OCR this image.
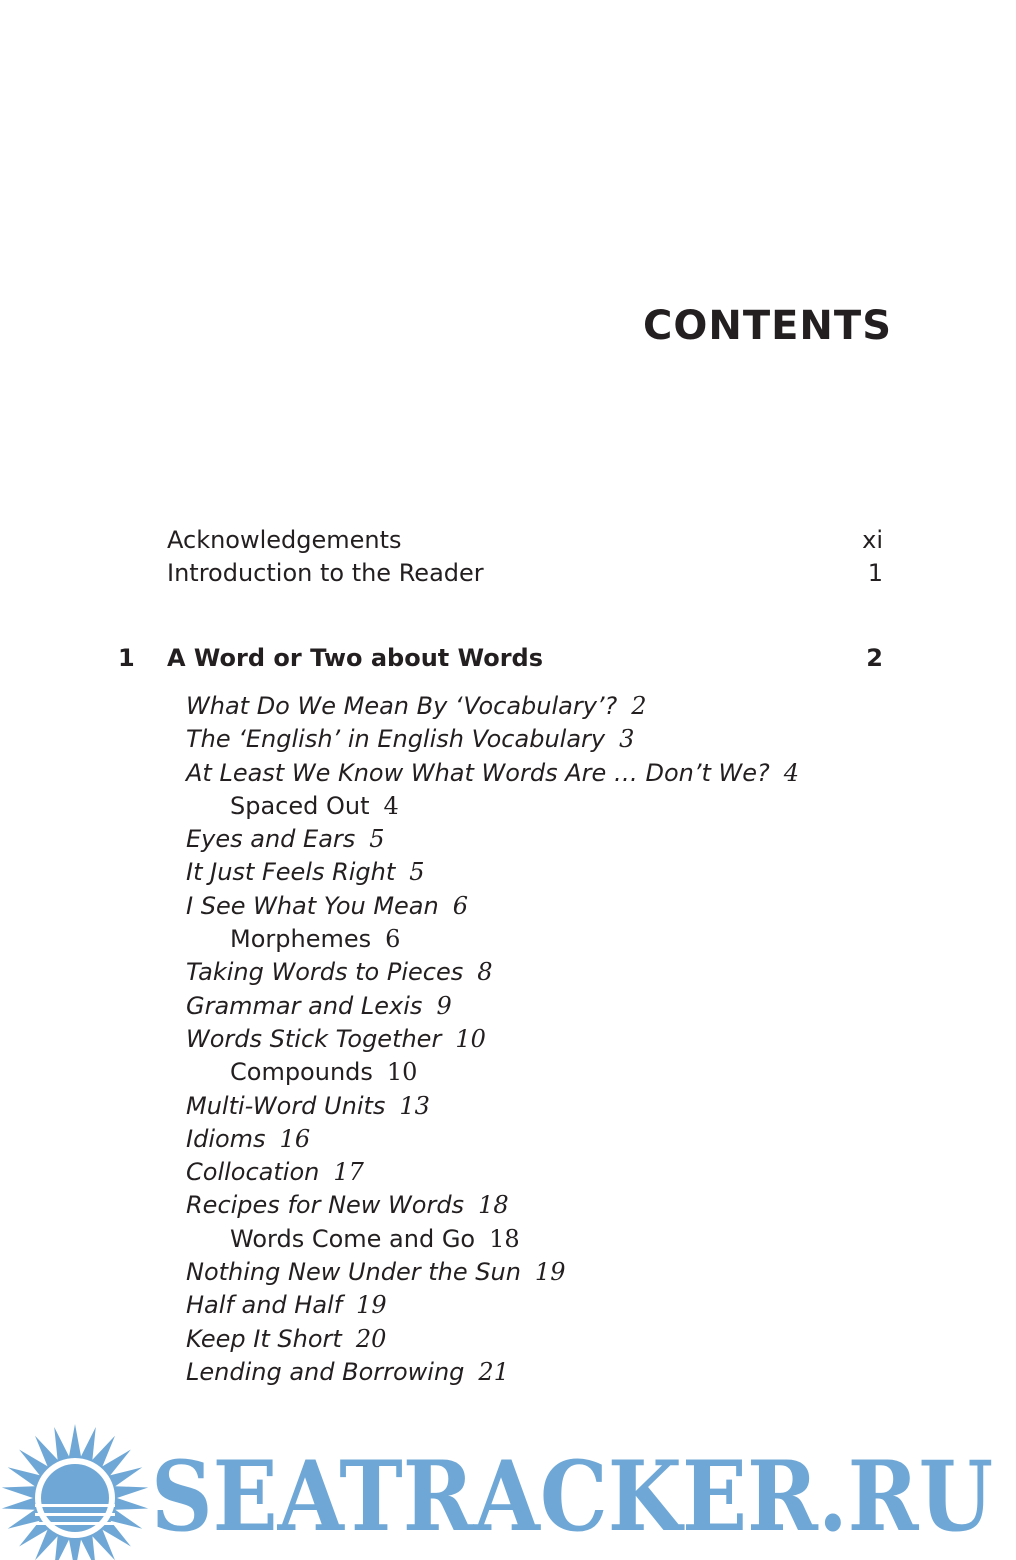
CONTENTS
Acknowledgements	xi
Introduction to the Reader	1
1	A Word or Two about Words	2
What Do We Mean By ‘Vocabulary’? 2
The ‘English’ in English Vocabulary 3
At Least We Know What Words Are … Don’t We? 4
Spaced Out 4
Eyes and Ears 5
It Just Feels Right 5
I See What You Mean 6
Morphemes 6
Taking Words to Pieces 8
Grammar and Lexis 9
Words Stick Together 10
Compounds 10
Multi-Word Units 13
Idioms 16
Collocation 17
Recipes for New Words 18
Words Come and Go 18
Nothing New Under the Sun 19
Half and Half 19
Keep It Short 20
Lending and Borrowing 21
SEATRACKER.RU
